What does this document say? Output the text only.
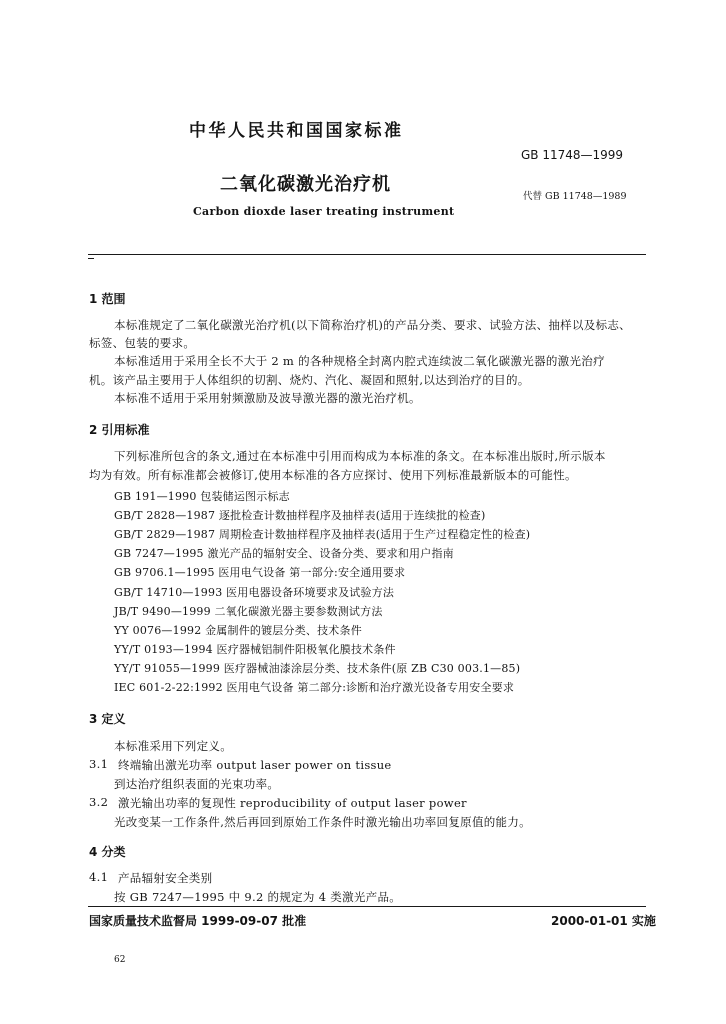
中华人民共和国国家标准
GB 11748—1999
二氧化碳激光治疗机
代替 GB 11748—1989
Carbon dioxde laser treating instrument
1 范围
本标准规定了二氧化碳激光治疗机(以下简称治疗机)的产品分类、要求、试验方法、抽样以及标志、
标签、包装的要求。
本标准适用于采用全长不大于 2 m 的各种规格全封离内腔式连续波二氧化碳激光器的激光治疗
机。该产品主要用于人体组织的切割、烧灼、汽化、凝固和照射,以达到治疗的目的。
本标准不适用于采用射频激励及波导激光器的激光治疗机。
2 引用标准
下列标准所包含的条文,通过在本标准中引用而构成为本标准的条文。在本标准出版时,所示版本
均为有效。所有标准都会被修订,使用本标准的各方应探讨、使用下列标准最新版本的可能性。
GB 191—1990 包装储运图示标志
GB/T 2828—1987 逐批检查计数抽样程序及抽样表(适用于连续批的检查)
GB/T 2829—1987 周期检查计数抽样程序及抽样表(适用于生产过程稳定性的检查)
GB 7247—1995 激光产品的辐射安全、设备分类、要求和用户指南
GB 9706.1—1995 医用电气设备 第一部分:安全通用要求
GB/T 14710—1993 医用电器设备环境要求及试验方法
JB/T 9490—1999 二氧化碳激光器主要参数测试方法
YY 0076—1992 金属制件的镀层分类、技术条件
YY/T 0193—1994 医疗器械铝制件阳极氧化膜技术条件
YY/T 91055—1999 医疗器械油漆涂层分类、技术条件(原 ZB C30 003.1—85)
IEC 601-2-22:1992 医用电气设备 第二部分:诊断和治疗激光设备专用安全要求
3 定义
本标准采用下列定义。
3.1 终端输出激光功率 output laser power on tissue
到达治疗组织表面的光束功率。
3.2 激光输出功率的复现性 reproducibility of output laser power
光改变某一工作条件,然后再回到原始工作条件时激光输出功率回复原值的能力。
4 分类
4.1 产品辐射安全类别
按 GB 7247—1995 中 9.2 的规定为 4 类激光产品。
国家质量技术监督局 1999-09-07 批准	2000-01-01 实施
62
